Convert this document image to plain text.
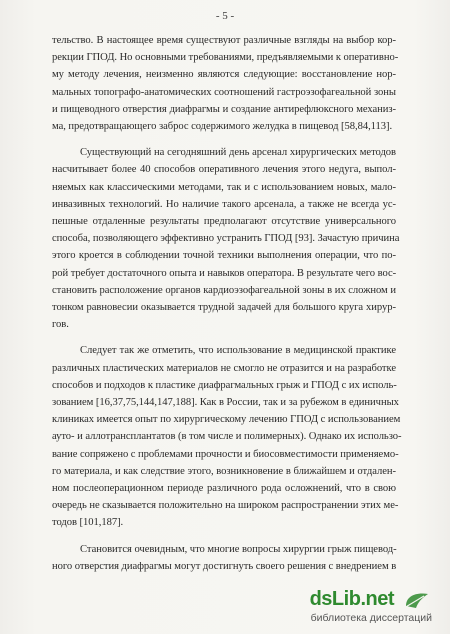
- 5 -
тельство. В настоящее время существуют различные взгляды на выбор кор-
рекции ГПОД. Но основными требованиями, предъявляемыми к оперативно-
му методу лечения, неизменно являются следующие: восстановление нор-
мальных топографо-анатомических соотношений гастроэзофагеальной зоны
и пищеводного отверстия диафрагмы и создание антирефлюксного механиз-
ма, предотвращающего заброс содержимого желудка в пищевод [58,84,113].
Существующий на сегодняшний день арсенал хирургических методов
насчитывает более 40 способов оперативного лечения этого недуга, выпол-
няемых как классическими методами, так и с использованием новых, мало-
инвазивных технологий. Но наличие такого арсенала, а также не всегда ус-
пешные отдаленные результаты предполагают отсутствие универсального
способа, позволяющего эффективно устранить ГПОД [93]. Зачастую причина
этого кроется в соблюдении точной техники выполнения операции, что по-
рой требует достаточного опыта и навыков оператора. В результате чего вос-
становить расположение органов кардиоэзофагеальной зоны в их сложном и
тонком равновесии оказывается трудной задачей для большого круга хирур-
гов.
Следует так же отметить, что использование в медицинской практике
различных пластических материалов не смогло не отразится и на разработке
способов и подходов к пластике диафрагмальных грыж и ГПОД с их исполь-
зованием [16,37,75,144,147,188]. Как в России, так и за рубежом в единичных
клиниках имеется опыт по хирургическому лечению ГПОД с использованием
ауто- и аллотрансплантатов (в том числе и полимерных). Однако их использо-
вание сопряжено с проблемами прочности и биосовместимости применяемо-
го материала, и как следствие этого, возникновение в ближайшем и отдален-
ном послеоперационном периоде различного рода осложнений, что в свою
очередь не сказывается положительно на широком распространении этих ме-
тодов [101,187].
Становится очевидным, что многие вопросы хирургии грыж пищевод-
ного отверстия диафрагмы могут достигнуть своего решения с внедрением в
dsLib.net
библиотека диссертаций
